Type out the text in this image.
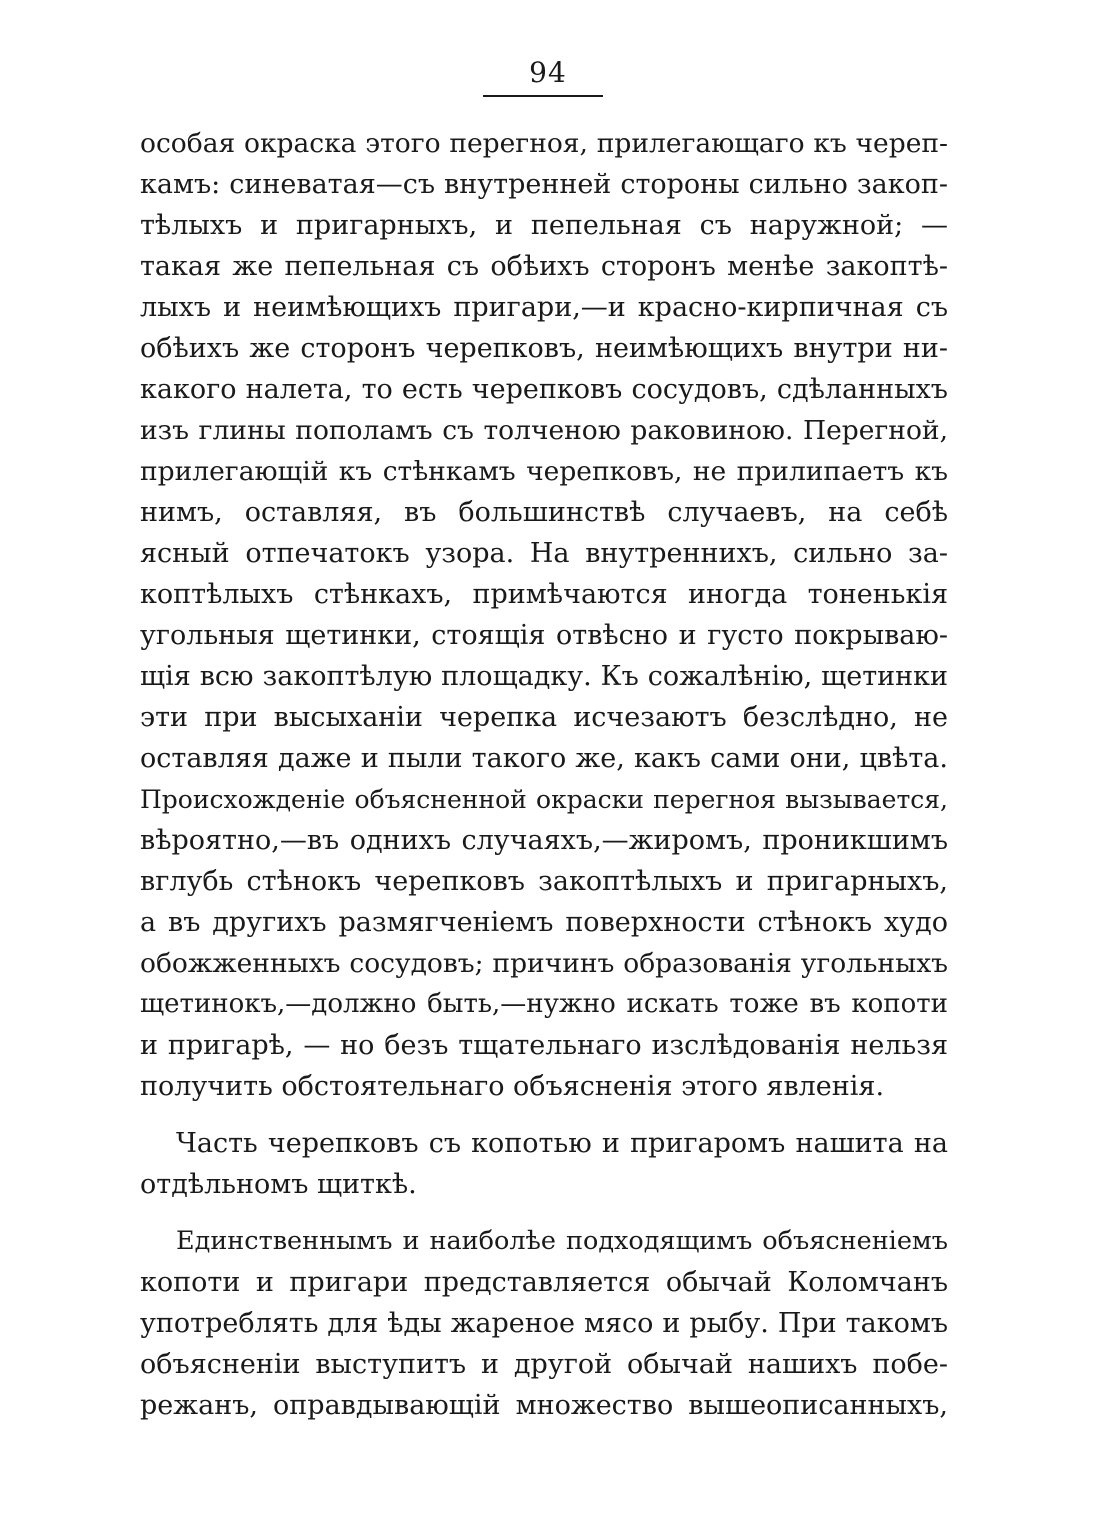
94
особая окраска этого перегноя, прилегающаго къ череп-
камъ: синеватая—съ внутренней стороны сильно закоп-
тѣлыхъ и пригарныхъ, и пепельная съ наружной; —
такая же пепельная съ обѣихъ сторонъ менѣе закоптѣ-
лыхъ и неимѣющихъ пригари,—и красно-кирпичная съ
обѣихъ же сторонъ черепковъ, неимѣющихъ внутри ни-
какого налета, то есть черепковъ сосудовъ, сдѣланныхъ
изъ глины пополамъ съ толченою раковиною. Перегной,
прилегающій къ стѣнкамъ черепковъ, не прилипаетъ къ
нимъ, оставляя, въ большинствѣ случаевъ, на себѣ
ясный отпечатокъ узора. На внутреннихъ, сильно за-
коптѣлыхъ стѣнкахъ, примѣчаются иногда тоненькія
угольныя щетинки, стоящія отвѣсно и густо покрываю-
щія всю закоптѣлую площадку. Къ сожалѣнію, щетинки
эти при высыханіи черепка исчезаютъ безслѣдно, не
оставляя даже и пыли такого же, какъ сами они, цвѣта.
Происхожденіе объясненной окраски перегноя вызывается,
вѣроятно,—въ однихъ случаяхъ,—жиромъ, проникшимъ
вглубь стѣнокъ черепковъ закоптѣлыхъ и пригарныхъ,
а въ другихъ размягченіемъ поверхности стѣнокъ худо
обожженныхъ сосудовъ; причинъ образованія угольныхъ
щетинокъ,—должно быть,—нужно искать тоже въ копоти
и пригарѣ, — но безъ тщательнаго изслѣдованія нельзя
получить обстоятельнаго объясненія этого явленія.
Часть черепковъ съ копотью и пригаромъ нашита на
отдѣльномъ щиткѣ.
Единственнымъ и наиболѣе подходящимъ объясненіемъ
копоти и пригари представляется обычай Коломчанъ
употреблять для ѣды жареное мясо и рыбу. При такомъ
объясненіи выступитъ и другой обычай нашихъ побе-
режанъ, оправдывающій множество вышеописанныхъ,
